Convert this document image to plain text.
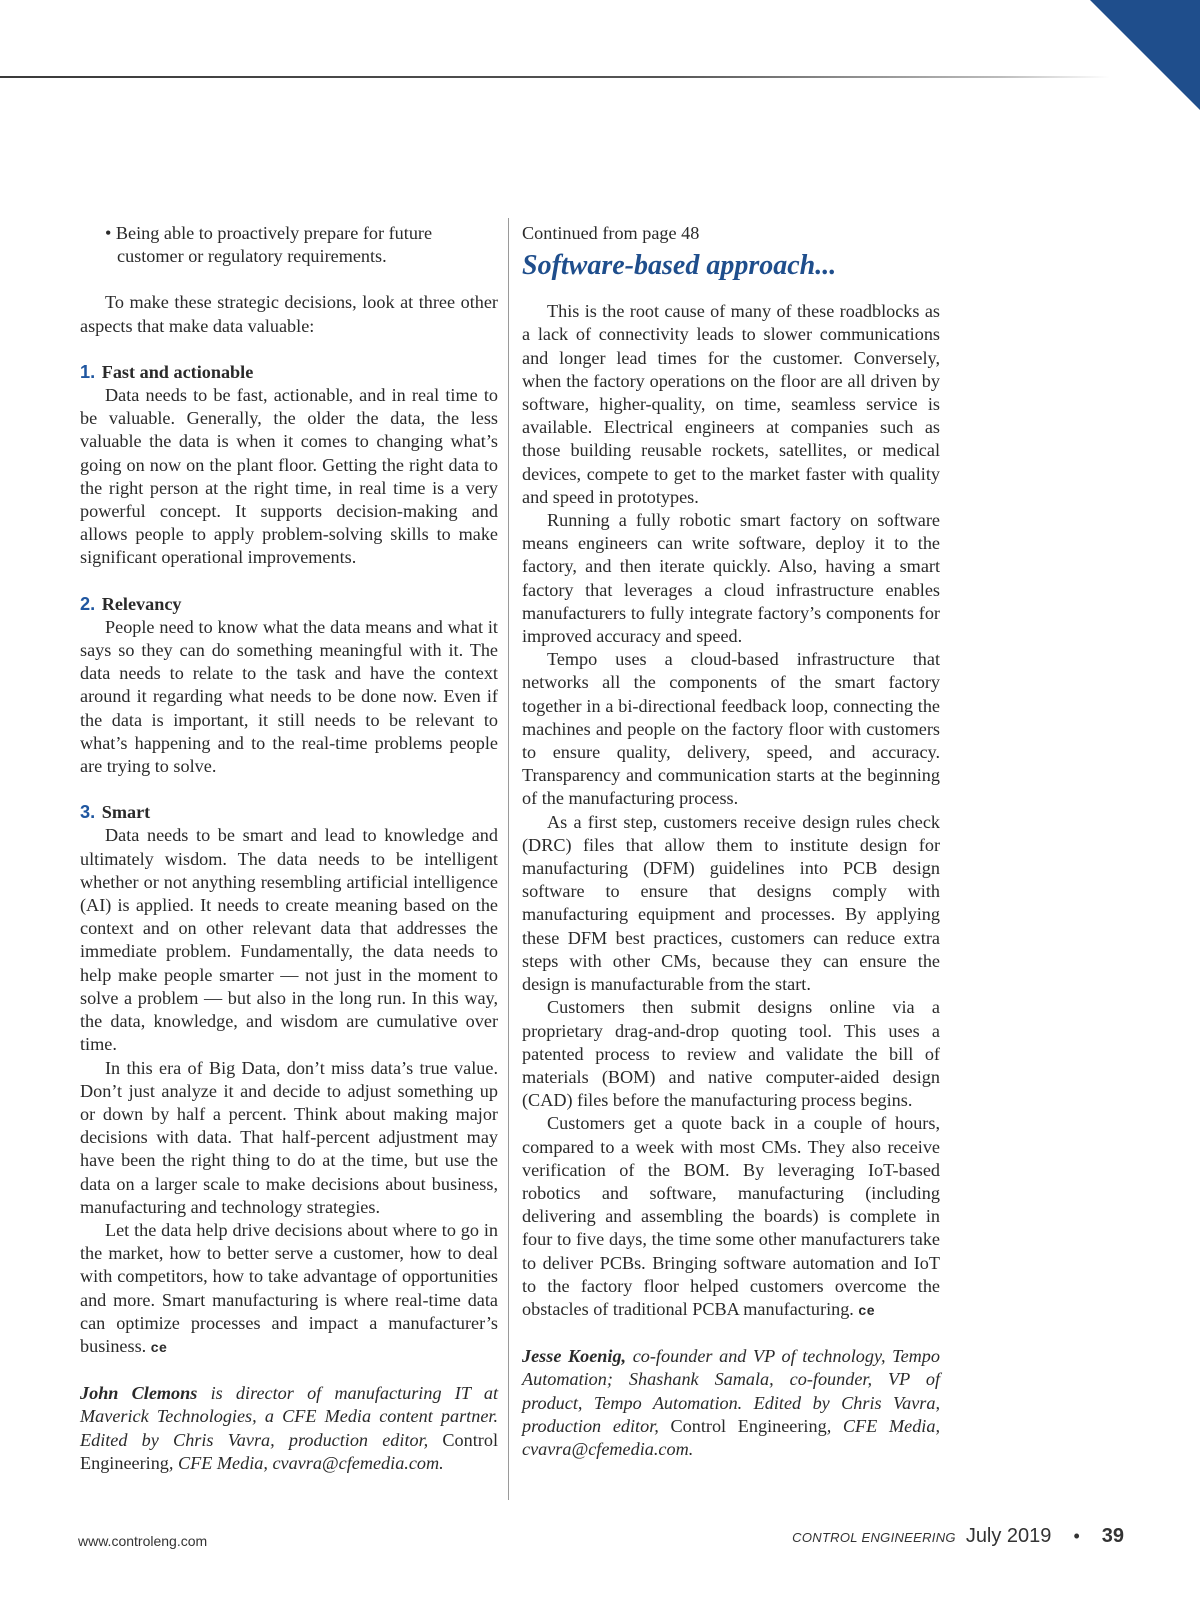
• Being able to proactively prepare for future customer or regulatory requirements.

To make these strategic decisions, look at three other aspects that make data valuable:

1. Fast and actionable

Data needs to be fast, actionable, and in real time to be valuable. Generally, the older the data, the less valuable the data is when it comes to changing what’s going on now on the plant floor. Getting the right data to the right person at the right time, in real time is a very powerful concept. It supports decision-making and allows people to apply problem-solving skills to make significant operational improvements.

2. Relevancy

People need to know what the data means and what it says so they can do something meaningful with it. The data needs to relate to the task and have the context around it regarding what needs to be done now. Even if the data is important, it still needs to be relevant to what’s happening and to the real-time problems people are trying to solve.

3. Smart

Data needs to be smart and lead to knowledge and ultimately wisdom. The data needs to be intelligent whether or not anything resembling artificial intelligence (AI) is applied. It needs to create meaning based on the context and on other relevant data that addresses the immediate problem. Fundamentally, the data needs to help make people smarter — not just in the moment to solve a problem — but also in the long run. In this way, the data, knowledge, and wisdom are cumulative over time.

In this era of Big Data, don’t miss data’s true value. Don’t just analyze it and decide to adjust something up or down by half a percent. Think about making major decisions with data. That half-percent adjustment may have been the right thing to do at the time, but use the data on a larger scale to make decisions about business, manufacturing and technology strategies.

Let the data help drive decisions about where to go in the market, how to better serve a customer, how to deal with competitors, how to take advantage of opportunities and more. Smart manufacturing is where real-time data can optimize processes and impact a manufacturer’s business. ce

John Clemons is director of manufacturing IT at Maverick Technologies, a CFE Media content partner. Edited by Chris Vavra, production editor, Control Engineering, CFE Media, cvavra@cfemedia.com.

Continued from page 48

Software-based approach...

This is the root cause of many of these roadblocks as a lack of connectivity leads to slower communications and longer lead times for the customer. Conversely, when the factory operations on the floor are all driven by software, higher-quality, on time, seamless service is available. Electrical engineers at companies such as those building reusable rockets, satellites, or medical devices, compete to get to the market faster with quality and speed in prototypes.

Running a fully robotic smart factory on software means engineers can write software, deploy it to the factory, and then iterate quickly. Also, having a smart factory that leverages a cloud infrastructure enables manufacturers to fully integrate factory’s components for improved accuracy and speed.

Tempo uses a cloud-based infrastructure that networks all the components of the smart factory together in a bi-directional feedback loop, connecting the machines and people on the factory floor with customers to ensure quality, delivery, speed, and accuracy. Transparency and communication starts at the beginning of the manufacturing process.

As a first step, customers receive design rules check (DRC) files that allow them to institute design for manufacturing (DFM) guidelines into PCB design software to ensure that designs comply with manufacturing equipment and processes. By applying these DFM best practices, customers can reduce extra steps with other CMs, because they can ensure the design is manufacturable from the start.

Customers then submit designs online via a proprietary drag-and-drop quoting tool. This uses a patented process to review and validate the bill of materials (BOM) and native computer-aided design (CAD) files before the manufacturing process begins.

Customers get a quote back in a couple of hours, compared to a week with most CMs. They also receive verification of the BOM. By leveraging IoT-based robotics and software, manufacturing (including delivering and assembling the boards) is complete in four to five days, the time some other manufacturers take to deliver PCBs. Bringing software automation and IoT to the factory floor helped customers overcome the obstacles of traditional PCBA manufacturing. ce

Jesse Koenig, co-founder and VP of technology, Tempo Automation; Shashank Samala, co-founder, VP of product, Tempo Automation. Edited by Chris Vavra, production editor, Control Engineering, CFE Media, cvavra@cfemedia.com.

www.controleng.com	CONTROL ENGINEERING July 2019 • 39
